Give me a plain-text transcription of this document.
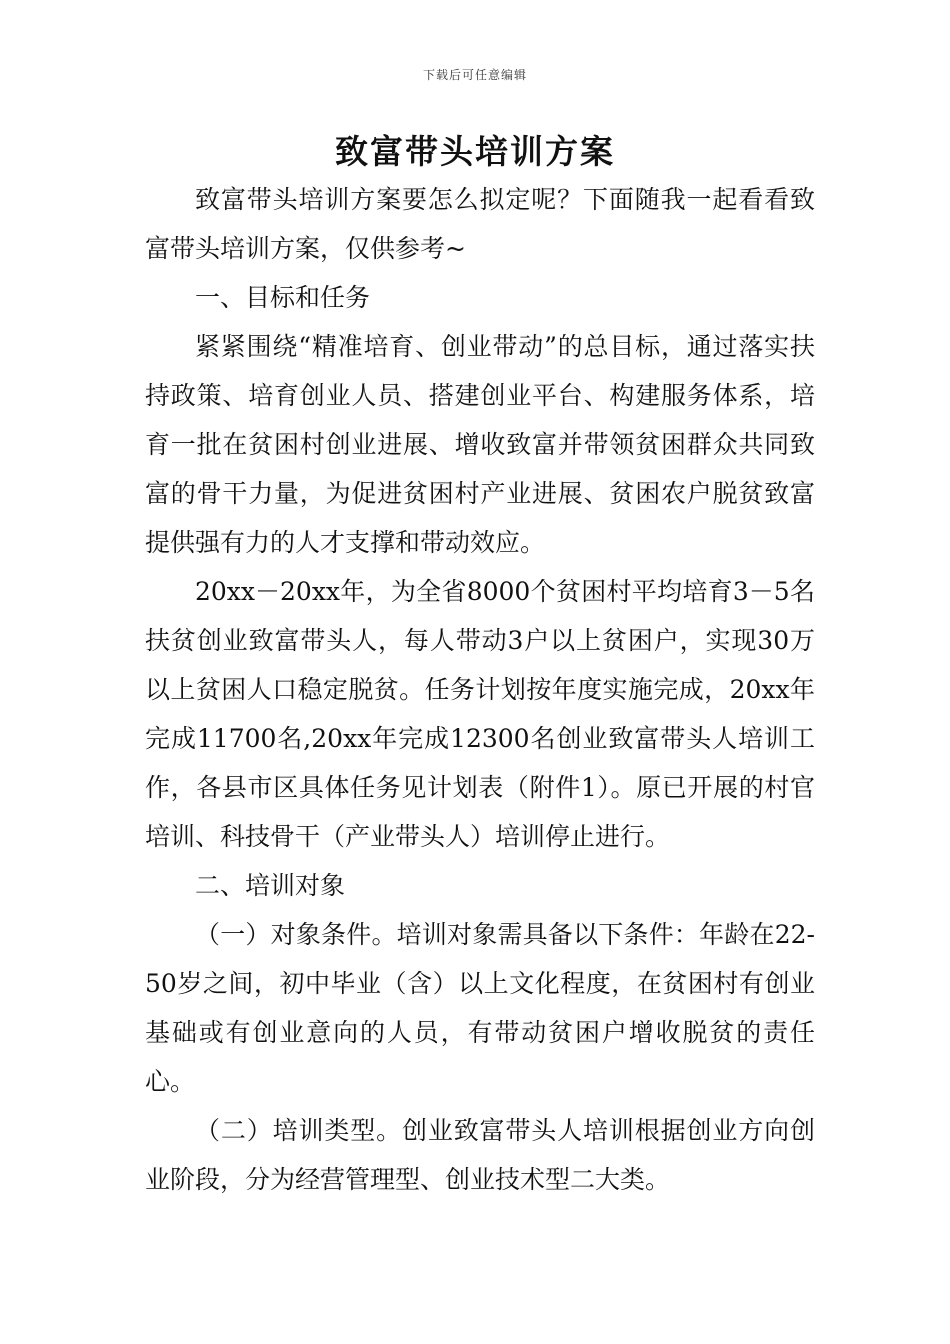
下载后可任意编辑
致富带头培训方案

致富带头培训方案要怎么拟定呢？下面随我一起看看致富带头培训方案，仅供参考~

一、目标和任务

紧紧围绕“精准培育、创业带动”的总目标，通过落实扶持政策、培育创业人员、搭建创业平台、构建服务体系，培育一批在贫困村创业进展、增收致富并带领贫困群众共同致富的骨干力量，为促进贫困村产业进展、贫困农户脱贫致富提供强有力的人才支撑和带动效应。

20xx－20xx年，为全省8000个贫困村平均培育3－5名扶贫创业致富带头人，每人带动3户以上贫困户，实现30万以上贫困人口稳定脱贫。任务计划按年度实施完成，20xx年完成11700名,20xx年完成12300名创业致富带头人培训工作，各县市区具体任务见计划表（附件1）。原已开展的村官培训、科技骨干（产业带头人）培训停止进行。

二、培训对象

（一）对象条件。培训对象需具备以下条件：年龄在22-50岁之间，初中毕业（含）以上文化程度，在贫困村有创业基础或有创业意向的人员，有带动贫困户增收脱贫的责任心。

（二）培训类型。创业致富带头人培训根据创业方向创业阶段，分为经营管理型、创业技术型二大类。
